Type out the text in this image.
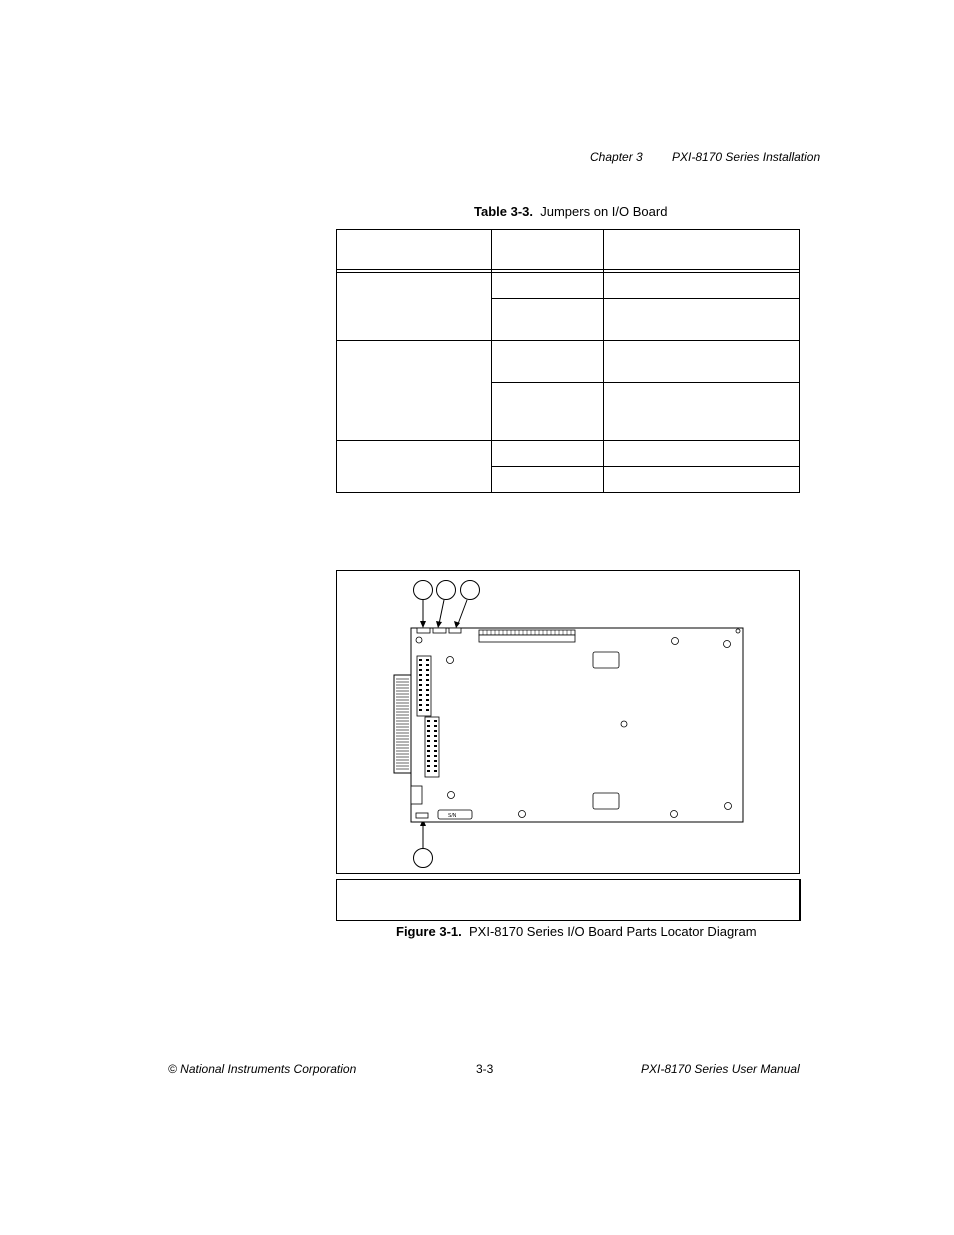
Chapter 3 PXI-8170 Series Installation
Table 3-3. Jumpers on I/O Board
S/N
Figure 3-1. PXI-8170 Series I/O Board Parts Locator Diagram
© National Instruments Corporation	3-3	PXI-8170 Series User Manual
